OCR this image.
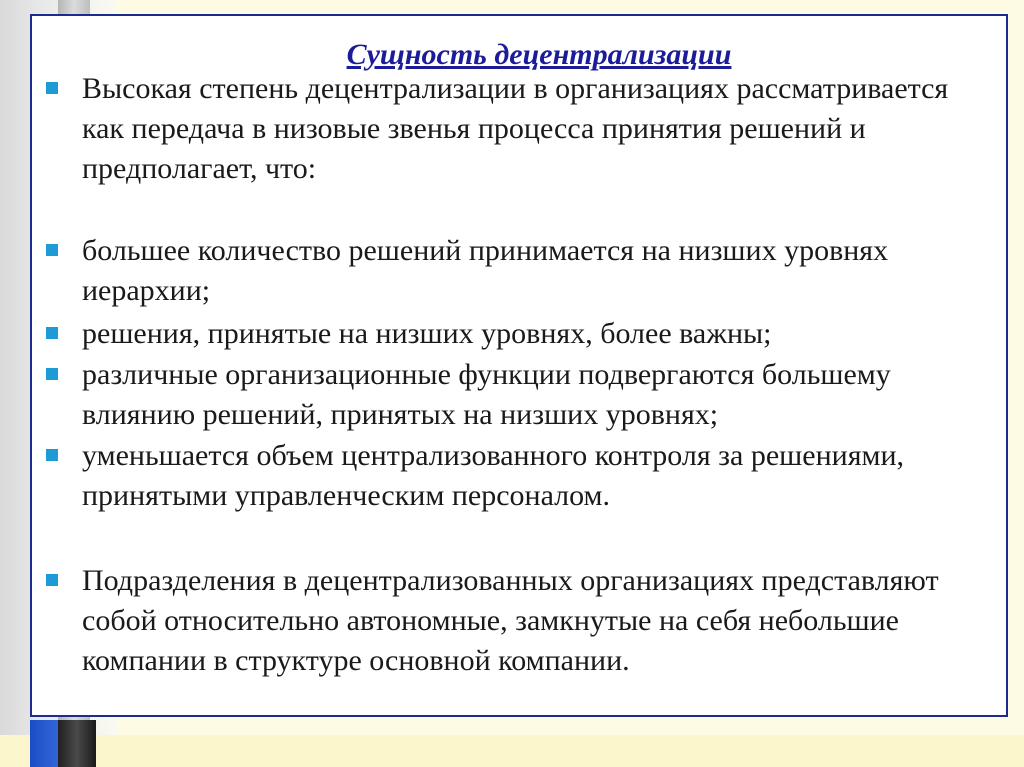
Сущность децентрализации
Высокая степень децентрализации в организациях рассматривается как передача в низовые звенья процесса принятия решений и предполагает, что:
большее количество решений принимается на низших уровнях иерархии;
решения, принятые на низших уровнях, более важны;
различные организационные функции подвергаются большему влиянию решений, принятых на низших уровнях;
уменьшается объем централизованного контроля за решениями, принятыми управленческим персоналом.
Подразделения в децентрализованных организациях представляют собой относительно автономные, замкнутые на себя небольшие компании в структуре основной компании.
